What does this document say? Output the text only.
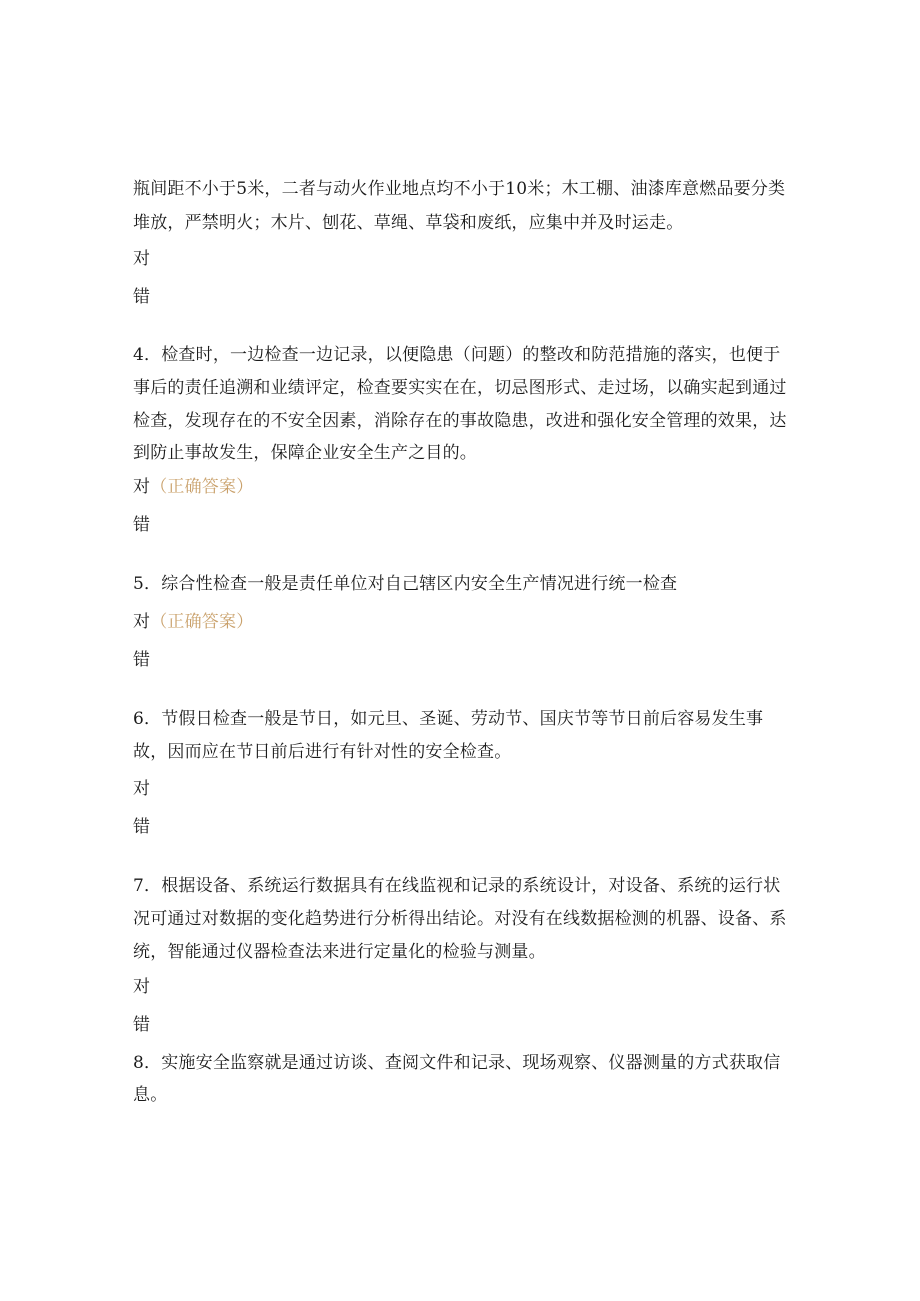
瓶间距不小于5米，二者与动火作业地点均不小于10米；木工棚、油漆库意燃品要分类
堆放，严禁明火；木片、刨花、草绳、草袋和废纸，应集中并及时运走。
对
错
4．检查时，一边检查一边记录，以便隐患（问题）的整改和防范措施的落实，也便于
事后的责任追溯和业绩评定，检查要实实在在，切忌图形式、走过场，以确实起到通过
检查，发现存在的不安全因素，消除存在的事故隐患，改进和强化安全管理的效果，达
到防止事故发生，保障企业安全生产之目的。
对（正确答案）
错
5．综合性检查一般是责任单位对自己辖区内安全生产情况进行统一检查
对（正确答案）
错
6．节假日检查一般是节日，如元旦、圣诞、劳动节、国庆节等节日前后容易发生事
故，因而应在节日前后进行有针对性的安全检查。
对
错
7．根据设备、系统运行数据具有在线监视和记录的系统设计，对设备、系统的运行状
况可通过对数据的变化趋势进行分析得出结论。对没有在线数据检测的机器、设备、系
统，智能通过仪器检查法来进行定量化的检验与测量。
对
错
8．实施安全监察就是通过访谈、查阅文件和记录、现场观察、仪器测量的方式获取信
息。
